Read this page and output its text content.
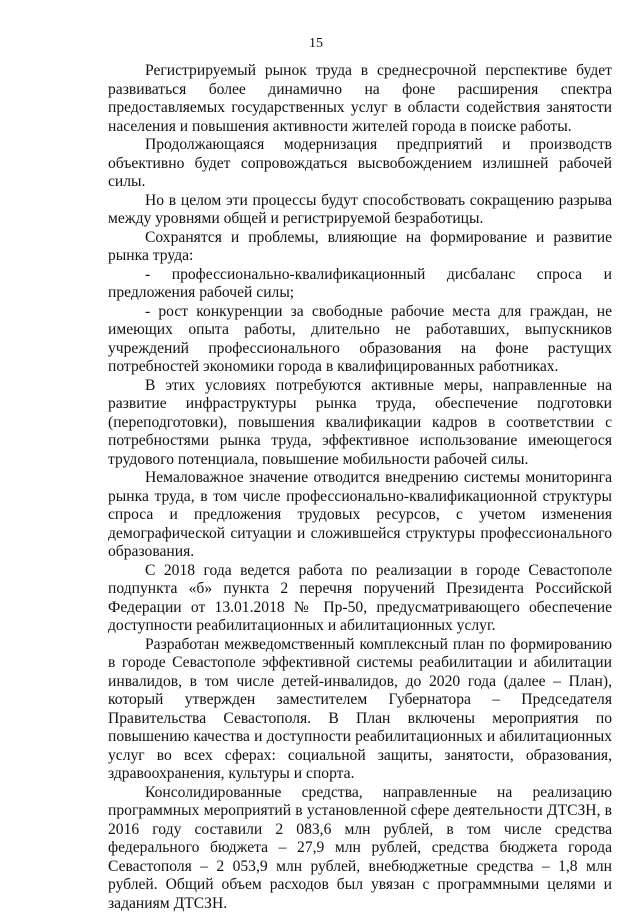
15

Регистрируемый рынок труда в среднесрочной перспективе будет развиваться более динамично на фоне расширения спектра предоставляемых государственных услуг в области содействия занятости населения и повышения активности жителей города в поиске работы.

Продолжающаяся модернизация предприятий и производств объективно будет сопровождаться высвобождением излишней рабочей силы.

Но в целом эти процессы будут способствовать сокращению разрыва между уровнями общей и регистрируемой безработицы.

Сохранятся и проблемы, влияющие на формирование и развитие рынка труда:

- профессионально-квалификационный дисбаланс спроса и предложения рабочей силы;

- рост конкуренции за свободные рабочие места для граждан, не имеющих опыта работы, длительно не работавших, выпускников учреждений профессионального образования на фоне растущих потребностей экономики города в квалифицированных работниках.

В этих условиях потребуются активные меры, направленные на развитие инфраструктуры рынка труда, обеспечение подготовки (переподготовки), повышения квалификации кадров в соответствии с потребностями рынка труда, эффективное использование имеющегося трудового потенциала, повышение мобильности рабочей силы.

Немаловажное значение отводится внедрению системы мониторинга рынка труда, в том числе профессионально-квалификационной структуры спроса и предложения трудовых ресурсов, с учетом изменения демографической ситуации и сложившейся структуры профессионального образования.

С 2018 года ведется работа по реализации в городе Севастополе подпункта «б» пункта 2 перечня поручений Президента Российской Федерации от 13.01.2018 № Пр-50, предусматривающего обеспечение доступности реабилитационных и абилитационных услуг.

Разработан межведомственный комплексный план по формированию в городе Севастополе эффективной системы реабилитации и абилитации инвалидов, в том числе детей-инвалидов, до 2020 года (далее – План), который утвержден заместителем Губернатора – Председателя Правительства Севастополя. В План включены мероприятия по повышению качества и доступности реабилитационных и абилитационных услуг во всех сферах: социальной защиты, занятости, образования, здравоохранения, культуры и спорта.

Консолидированные средства, направленные на реализацию программных мероприятий в установленной сфере деятельности ДТСЗН, в 2016 году составили 2 083,6 млн рублей, в том числе средства федерального бюджета – 27,9 млн рублей, средства бюджета города Севастополя – 2 053,9 млн рублей, внебюджетные средства – 1,8 млн рублей. Общий объем расходов был увязан с программными целями и заданиям ДТСЗН.
